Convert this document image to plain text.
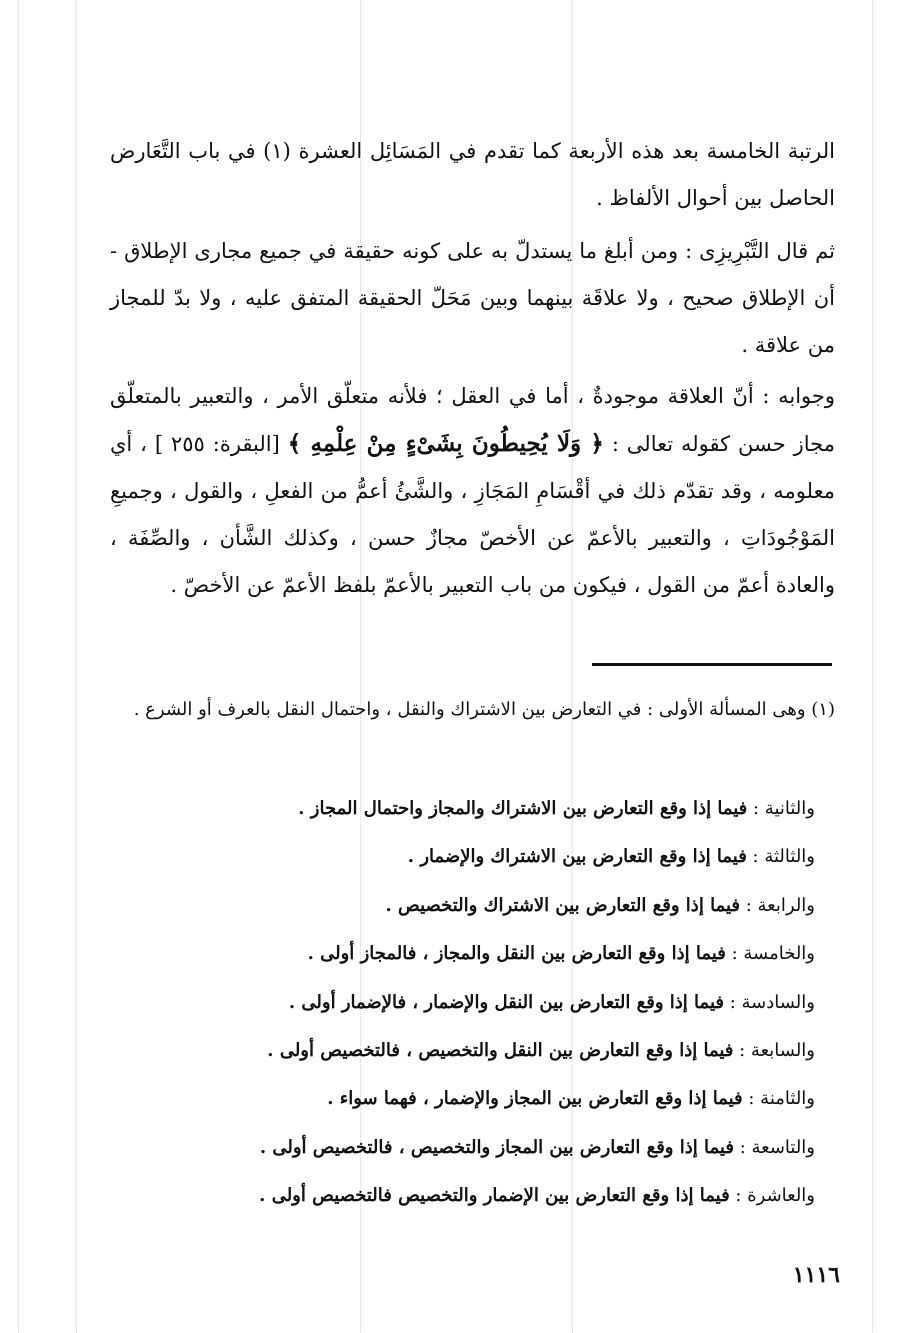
الرتبة الخامسة بعد هذه الأربعة كما تقدم في المَسَائِل العشرة (١) في باب التَّعَارض الحاصل بين أحوال الألفاظ .

ثم قال التَّبْرِيزِى : ومن أبلغ ما يستدلّ به على كونه حقيقة في جميع مجارى الإطلاق - أن الإطلاق صحيح ، ولا علاقَة بينهما وبين مَحَلّ الحقيقة المتفق عليه ، ولا بدّ للمجاز من علاقة .

وجوابه : أنّ العلاقة موجودةٌ ، أما في العقل ؛ فلأنه متعلّق الأمر ، والتعبير بالمتعلّق مجاز حسن كقوله تعالى : ﴿ وَلَا يُحِيطُونَ بِشَىْءٍ مِنْ عِلْمِهِ ﴾ [البقرة: ٢٥٥ ] ، أي معلومه ، وقد تقدّم ذلك في أقْسَامِ المَجَازِ ، والشَّئُ أعمُّ من الفعلِ ، والقول ، وجميعِ المَوْجُودَاتِ ، والتعبير بالأعمّ عن الأخصّ مجازٌ حسن ، وكذلك الشَّأن ، والصِّفَة ، والعادة أعمّ من القول ، فيكون من باب التعبير بالأعمّ بلفظ الأعمّ عن الأخصّ .

(١) وهى المسألة الأولى : في التعارض بين الاشتراك والنقل ، واحتمال النقل بالعرف أو الشرع .

والثانية : فيما إذا وقع التعارض بين الاشتراك والمجاز واحتمال المجاز .
والثالثة : فيما إذا وقع التعارض بين الاشتراك والإضمار .
والرابعة : فيما إذا وقع التعارض بين الاشتراك والتخصيص .
والخامسة : فيما إذا وقع التعارض بين النقل والمجاز ، فالمجاز أولى .
والسادسة : فيما إذا وقع التعارض بين النقل والإضمار ، فالإضمار أولى .
والسابعة : فيما إذا وقع التعارض بين النقل والتخصيص ، فالتخصيص أولى .
والثامنة : فيما إذا وقع التعارض بين المجاز والإضمار ، فهما سواء .
والتاسعة : فيما إذا وقع التعارض بين المجاز والتخصيص ، فالتخصيص أولى .
والعاشرة : فيما إذا وقع التعارض بين الإضمار والتخصيص فالتخصيص أولى .
١١١٦
